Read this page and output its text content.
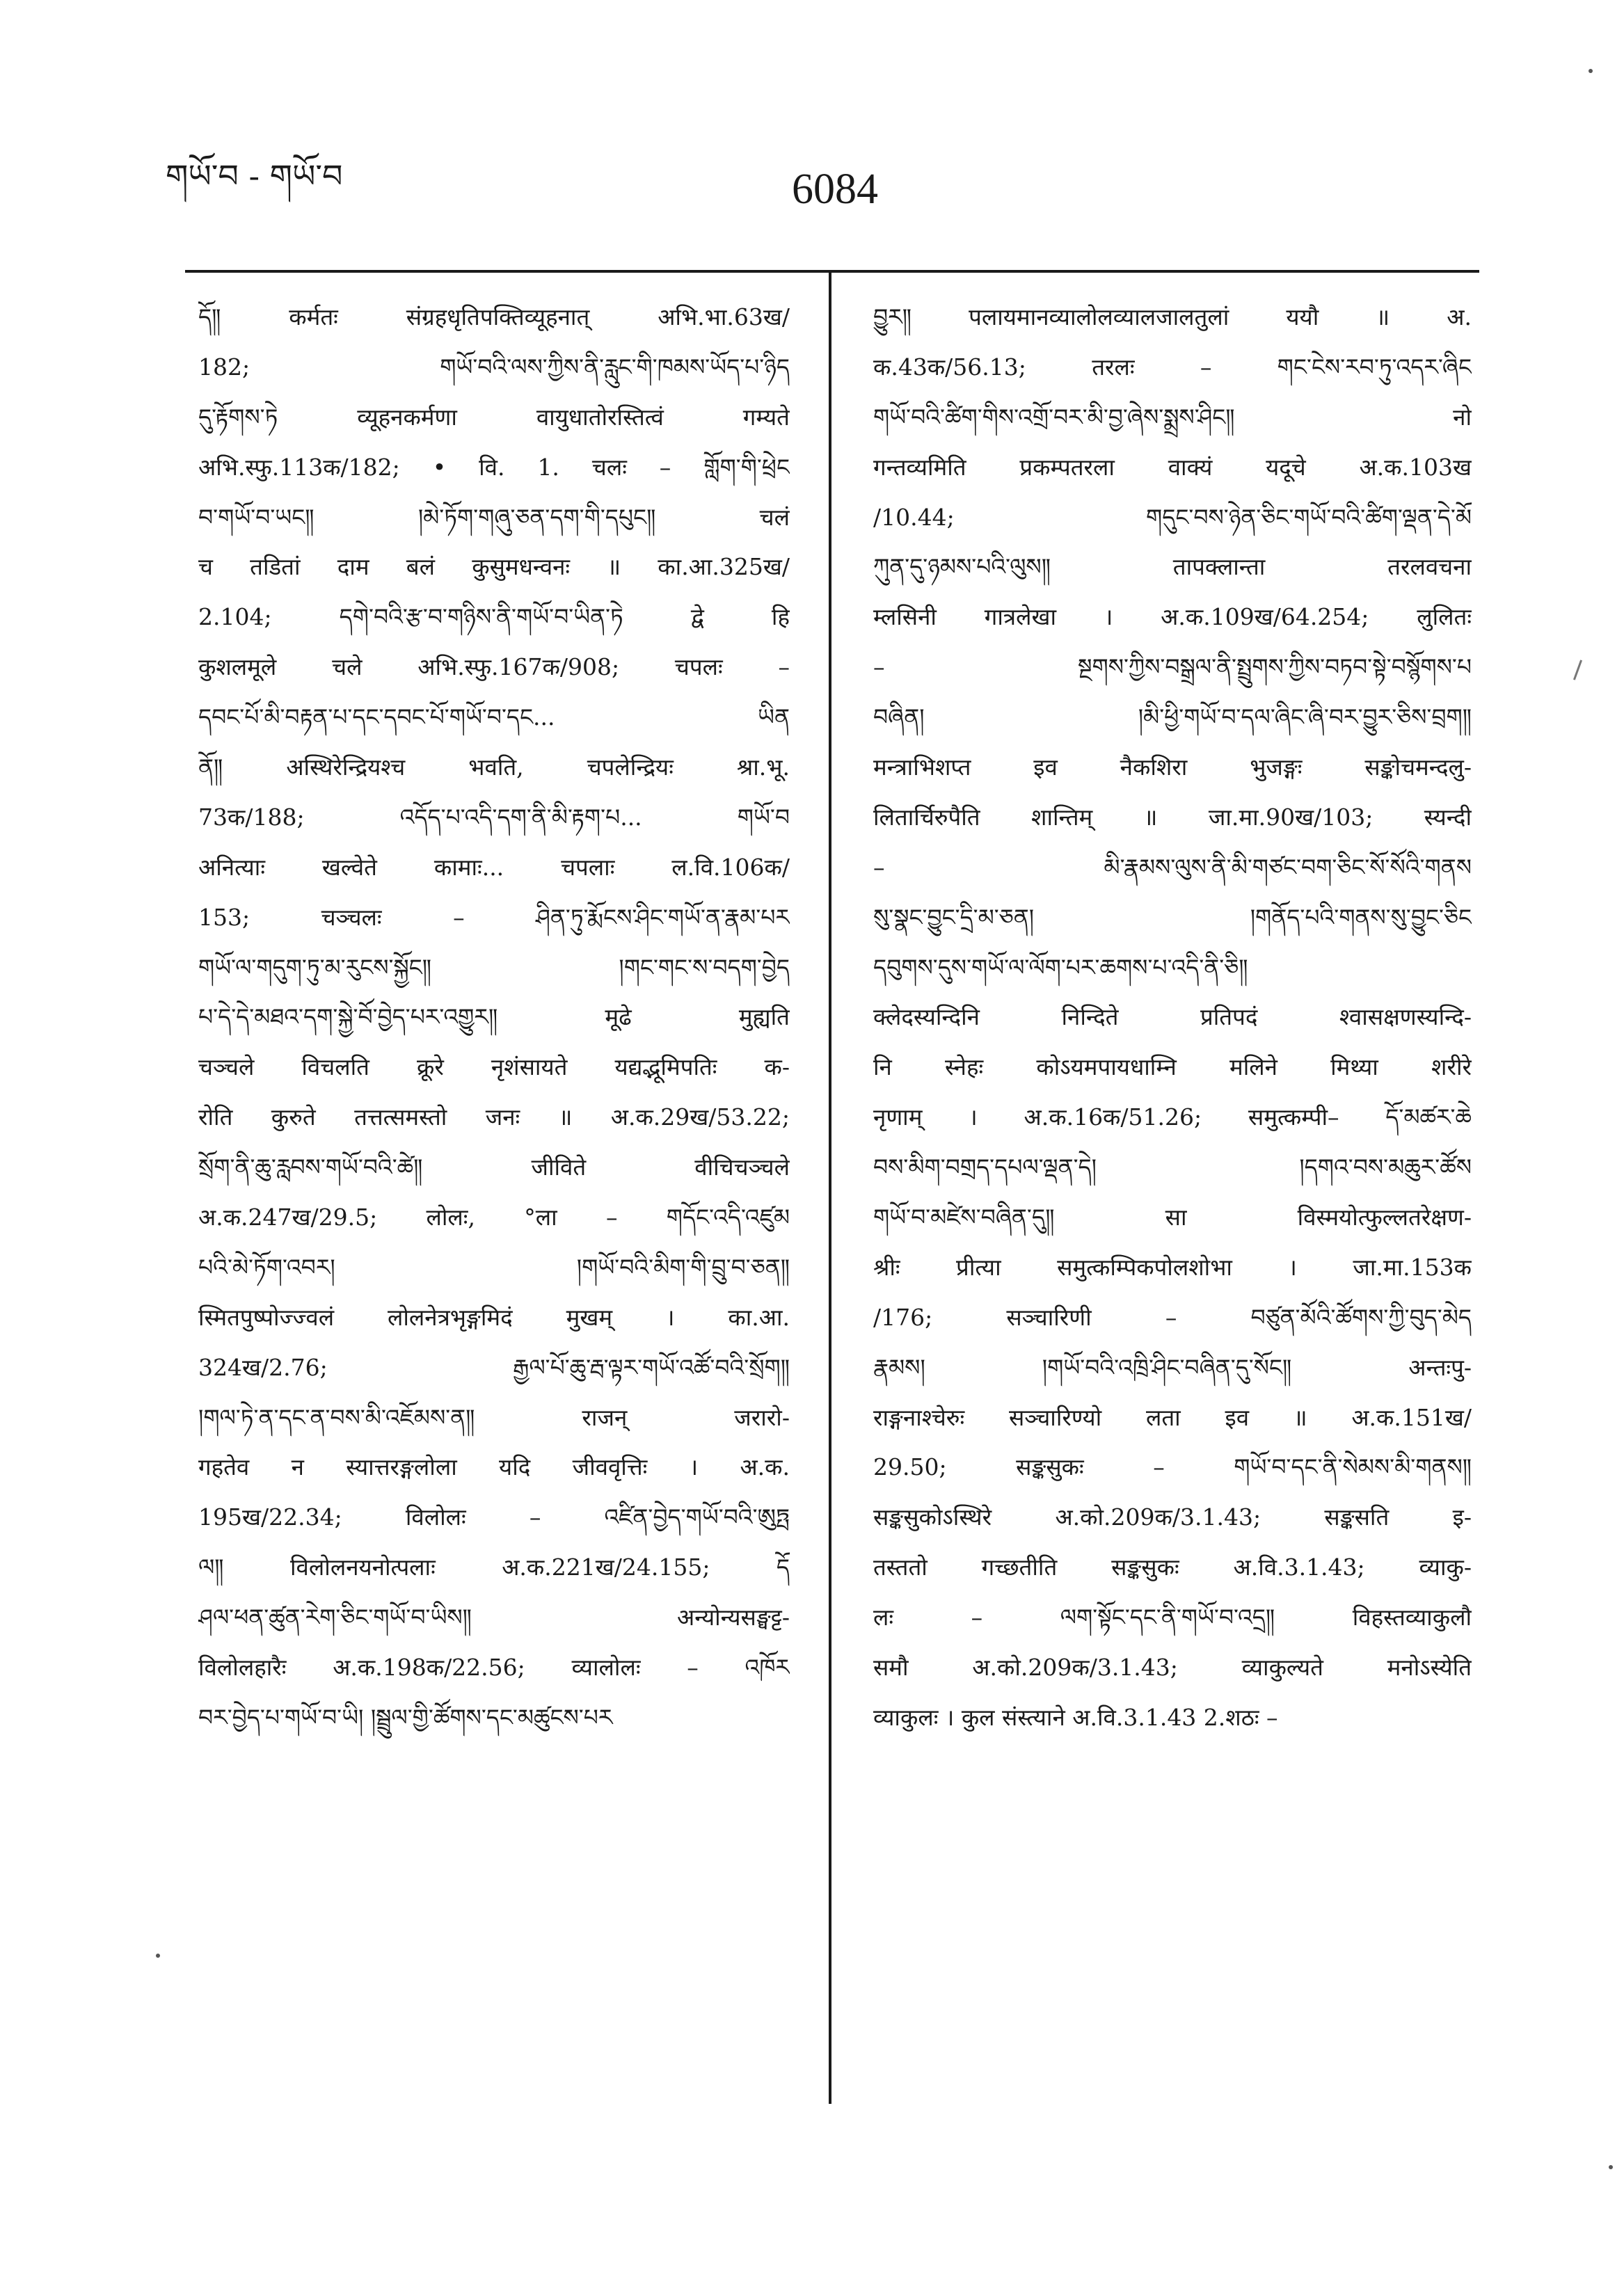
གཡོ་བ - གཡོ་བ	6084
དོ༎ कर्मतः संग्रहधृतिपक्तिव्यूहनात् अभि.भा.63ख/
182; གཡོ་བའི་ལས་ཀྱིས་ནི་རླུང་གི་ཁམས་ཡོད་པ་ཉིད
དུ་རྟོགས་ཏེ व्यूहनकर्मणा वायुधातोरस्तित्वं गम्यते
अभि.स्फु.113क/182; • वि. 1. चलः – གློག་གི་ཕྲེང
བ་གཡོ་བ་ཡང༎ །མེ་ཏོག་གཞུ་ཅན་དག་གི་དཔུང༎ चलं
च तडितां दाम बलं कुसुमधन्वनः ॥ का.आ.325ख/
2.104; དགེ་བའི་རྩ་བ་གཉིས་ནི་གཡོ་བ་ཡིན་ཏེ द्वे हि
कुशलमूले चले अभि.स्फु.167क/908; चपलः –
དབང་པོ་མི་བརྟན་པ་དང་དབང་པོ་གཡོ་བ་དང... ཡིན
ནོ༎ अस्थिरेन्द्रियश्च भवति, चपलेन्द्रियः श्रा.भू.
73क/188; འདོད་པ་འདི་དག་ནི་མི་རྟག་པ... གཡོ་བ
अनित्याः खल्वेते कामाः... चपलाः ल.वि.106क/
153; चञ्चलः – ཤིན་ཏུ་རྨོངས་ཤིང་གཡོ་ན་རྣམ་པར
གཡོ་ལ་གདུག་ཏུ་མ་རུངས་སྐྱོང༎ །གང་གང་ས་བདག་བྱེད
པ་དེ་དེ་མཐའ་དག་སྐྱེ་བོ་བྱེད་པར་འགྱུར༎ मूढे मुह्यति
चञ्चले विचलति क्रूरे नृशंसायते यद्यद्भूमिपतिः क-
रोति कुरुते तत्तत्समस्तो जनः ॥ अ.क.29ख/53.22;
སྲོག་ནི་ཆུ་རླབས་གཡོ་བའི་ཚེ༎ जीविते वीचिचञ्चले
अ.क.247ख/29.5; लोलः, °ला – གདོང་འདི་འཛུམ
པའི་མེ་ཏོག་འབར། །གཡོ་བའི་མིག་གི་བྲུ་བ་ཅན༎
स्मितपुष्पोज्ज्वलं लोलनेत्रभृङ्गमिदं मुखम् । का.आ.
324ख/2.76; རྒྱལ་པོ་ཆུ་རྦ་ལྟར་གཡོ་འཚོ་བའི་སྲོག༎
།གལ་ཏེ་ན་དང་ན་བས་མི་འཇོམས་ན༎ राजन् जरारो-
गहतेव न स्यात्तरङ्गलोला यदि जीववृत्तिः । अ.क.
195ख/22.34; विलोलः – འཛིན་བྱེད་གཡོ་བའི་ཨུཏྤ
ལ༎ विलोलनयनोत्पलाः अ.क.221ख/24.155; དོ
ཤལ་ཕན་ཚུན་རེག་ཅིང་གཡོ་བ་ཡིས༎ अन्योन्यसङ्घट्ट-
विलोलहारैः अ.क.198क/22.56; व्यालोलः – འཁོར
བར་བྱེད་པ་གཡོ་བ་ཡི། །སྦྲུལ་གྱི་ཚོགས་དང་མཚུངས་པར
བྱུར༎ पलायमानव्यालोलव्यालजालतुलां ययौ ॥ अ.
क.43क/56.13; तरलः – གང་ངེས་རབ་ཏུ་འདར་ཞིང
གཡོ་བའི་ཚིག་གིས་འགྲོ་བར་མི་བྱ་ཞེས་སྨྲས་ཤིང༎ नो
गन्तव्यमिति प्रकम्पतरला वाक्यं यदूचे अ.क.103ख
/10.44; གདུང་བས་ཉེན་ཅིང་གཡོ་བའི་ཚིག་ལྡན་དེ་མོ
ཀུན་དུ་ཉམས་པའི་ལུས༎ तापक्लान्ता तरलवचना
म्लसिनी गात्रलेखा । अ.क.109ख/64.254; लुलितः
– སྔགས་ཀྱིས་བསྒྲལ་ནི་སྤྲུགས་ཀྱིས་བཏབ་སྟེ་བསྙོགས་པ
བཞིན། །མི་ཕྱི་གཡོ་བ་དལ་ཞིང་ཞི་བར་བྱུར་ཅིས་བྲག༎
मन्त्राभिशप्त इव नैकशिरा भुजङ्गः सङ्कोचमन्दलु-
लितार्चिरुपैति शान्तिम् ॥ जा.मा.90ख/103; स्यन्दी
– མི་རྣམས་ལུས་ནི་མི་གཙང་བག་ཅིང་སོ་སོའི་གནས
སུ་སྣང་བྱུང་དྲི་མ་ཅན། །གནོད་པའི་གནས་སུ་བྱུང་ཅིང
དབུགས་དུས་གཡོ་ལ་ལོག་པར་ཆགས་པ་འདི་ནི་ཅི༎
क्लेदस्यन्दिनि निन्दिते प्रतिपदं श्वासक्षणस्यन्दि-
नि स्नेहः कोऽयमपायधाम्नि मलिने मिथ्या शरीरे
नृणाम् । अ.क.16क/51.26; समुत्कम्पी– དོ་མཚར་ཆེ
བས་མིག་བགྲད་དཔལ་ལྡན་དེ། །དགའ་བས་མཆུར་ཚོས
གཡོ་བ་མཛེས་བཞིན་དུ༎ सा विस्मयोत्फुल्लतरेक्षण-
श्रीः प्रीत्या समुत्कम्पिकपोलशोभा । जा.मा.153क
/176; सञ्चारिणी – བཙུན་མོའི་ཚོགས་ཀྱི་བུད་མེད
རྣམས། །གཡོ་བའི་འཁྲི་ཤིང་བཞིན་དུ་སོང༎ अन्तःपु-
राङ्गनाश्चेरुः सञ्चारिण्यो लता इव ॥ अ.क.151ख/
29.50; सङ्कसुकः – གཡོ་བ་དང་ནི་སེམས་མི་གནས༎
सङ्कसुकोऽस्थिरे अ.को.209क/3.1.43; सङ्कसति इ-
तस्ततो गच्छतीति सङ्कसुकः अ.वि.3.1.43; व्याकु-
लः – ལག་སྟོང་དང་ནི་གཡོ་བ་འདྲ༎ विहस्तव्याकुलौ
समौ अ.को.209क/3.1.43; व्याकुल्यते मनोऽस्येति
व्याकुलः । कुल संस्त्याने अ.वि.3.1.43 2.शठः –
